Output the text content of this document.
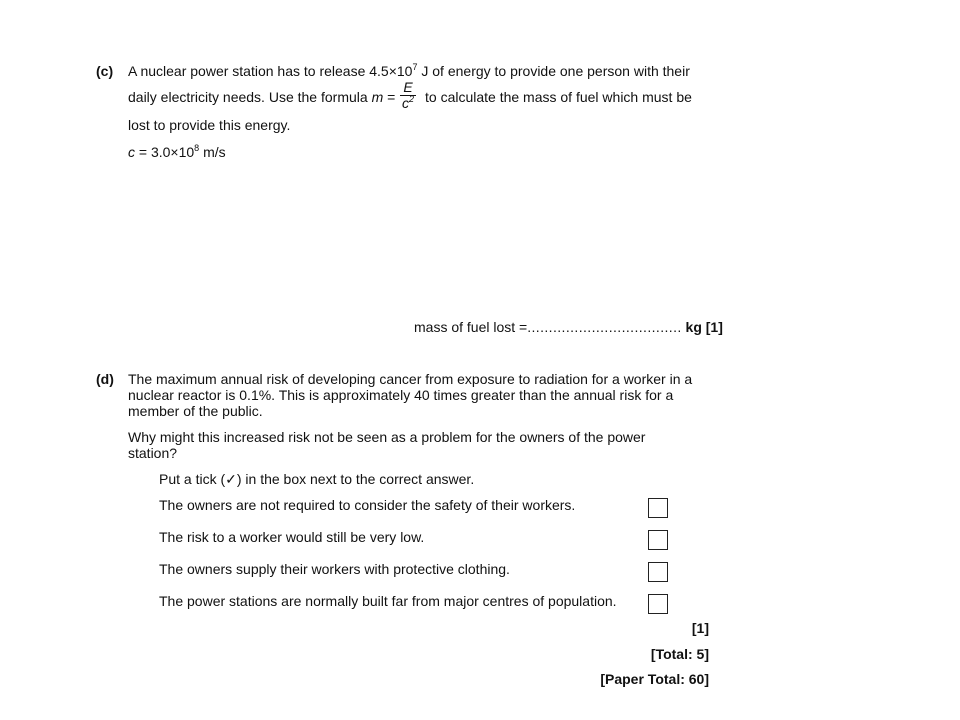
(c) A nuclear power station has to release $4.5\times 10^7$ J of energy to provide one person with their
daily electricity needs. Use the formula m =
E
$c^2$ to calculate the mass of fuel which must be
lost to provide this energy.
$c = 3.0\times 10^8$ m/s
mass of fuel lost =.................................... kg [1]
(d) The maximum annual risk of developing cancer from exposure to radiation for a worker in a
nuclear reactor is 0.1%. This is approximately 40 times greater than the annual risk for a
member of the public.
Why might this increased risk not be seen as a problem for the owners of the power
station?
Put a tick (✓) in the box next to the correct answer.
The owners are not required to consider the safety of their workers.
The risk to a worker would still be very low.
The owners supply their workers with protective clothing.
The power stations are normally built far from major centres of population.
[1]
[Total: 5]
[Paper Total: 60]
